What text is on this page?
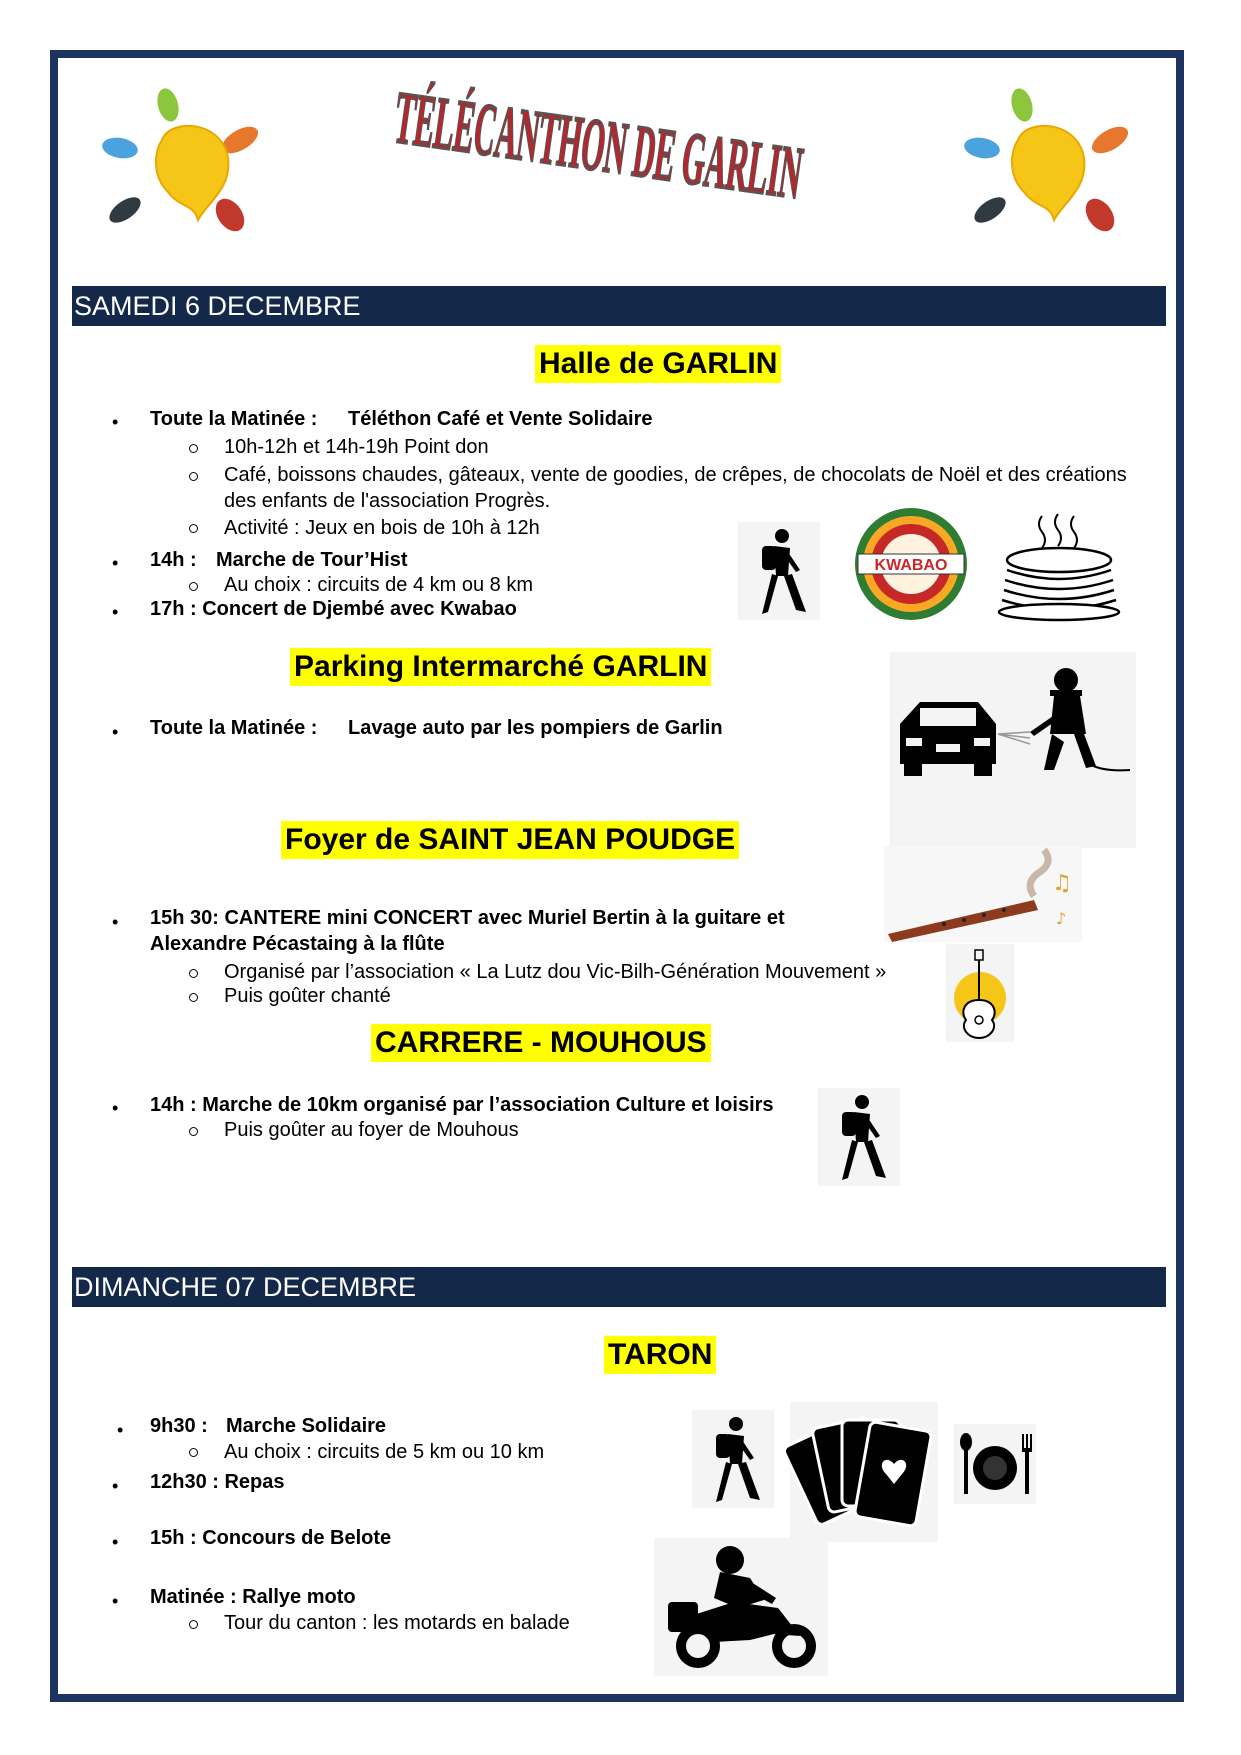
TÉLÉCANTHON DE GARLIN
SAMEDI 6 DECEMBRE
Halle de GARLIN
• Toute la Matinée : Téléthon Café et Vente Solidaire
10h-12h et 14h-19h Point don
Café, boissons chaudes, gâteaux, vente de goodies, de crêpes, de chocolats de Noël et des créations
des enfants de l'association Progrès.
Activité : Jeux en bois de 10h à 12h
• 14h : Marche de Tour’Hist
Au choix : circuits de 4 km ou 8 km
• 17h : Concert de Djembé avec Kwabao
KWABAO
Parking Intermarché GARLIN
• Toute la Matinée : Lavage auto par les pompiers de Garlin
Foyer de SAINT JEAN POUDGE
• 15h 30: CANTERE mini CONCERT avec Muriel Bertin à la guitare et
Alexandre Pécastaing à la flûte
Organisé par l’association « La Lutz dou Vic-Bilh-Génération Mouvement »
Puis goûter chanté
♫
♪
CARRERE - MOUHOUS
• 14h : Marche de 10km organisé par l’association Culture et loisirs
Puis goûter au foyer de Mouhous
DIMANCHE 07 DECEMBRE
TARON
• 9h30 : Marche Solidaire
Au choix : circuits de 5 km ou 10 km
• 12h30 : Repas
• 15h : Concours de Belote
• Matinée : Rallye moto
Tour du canton : les motards en balade
